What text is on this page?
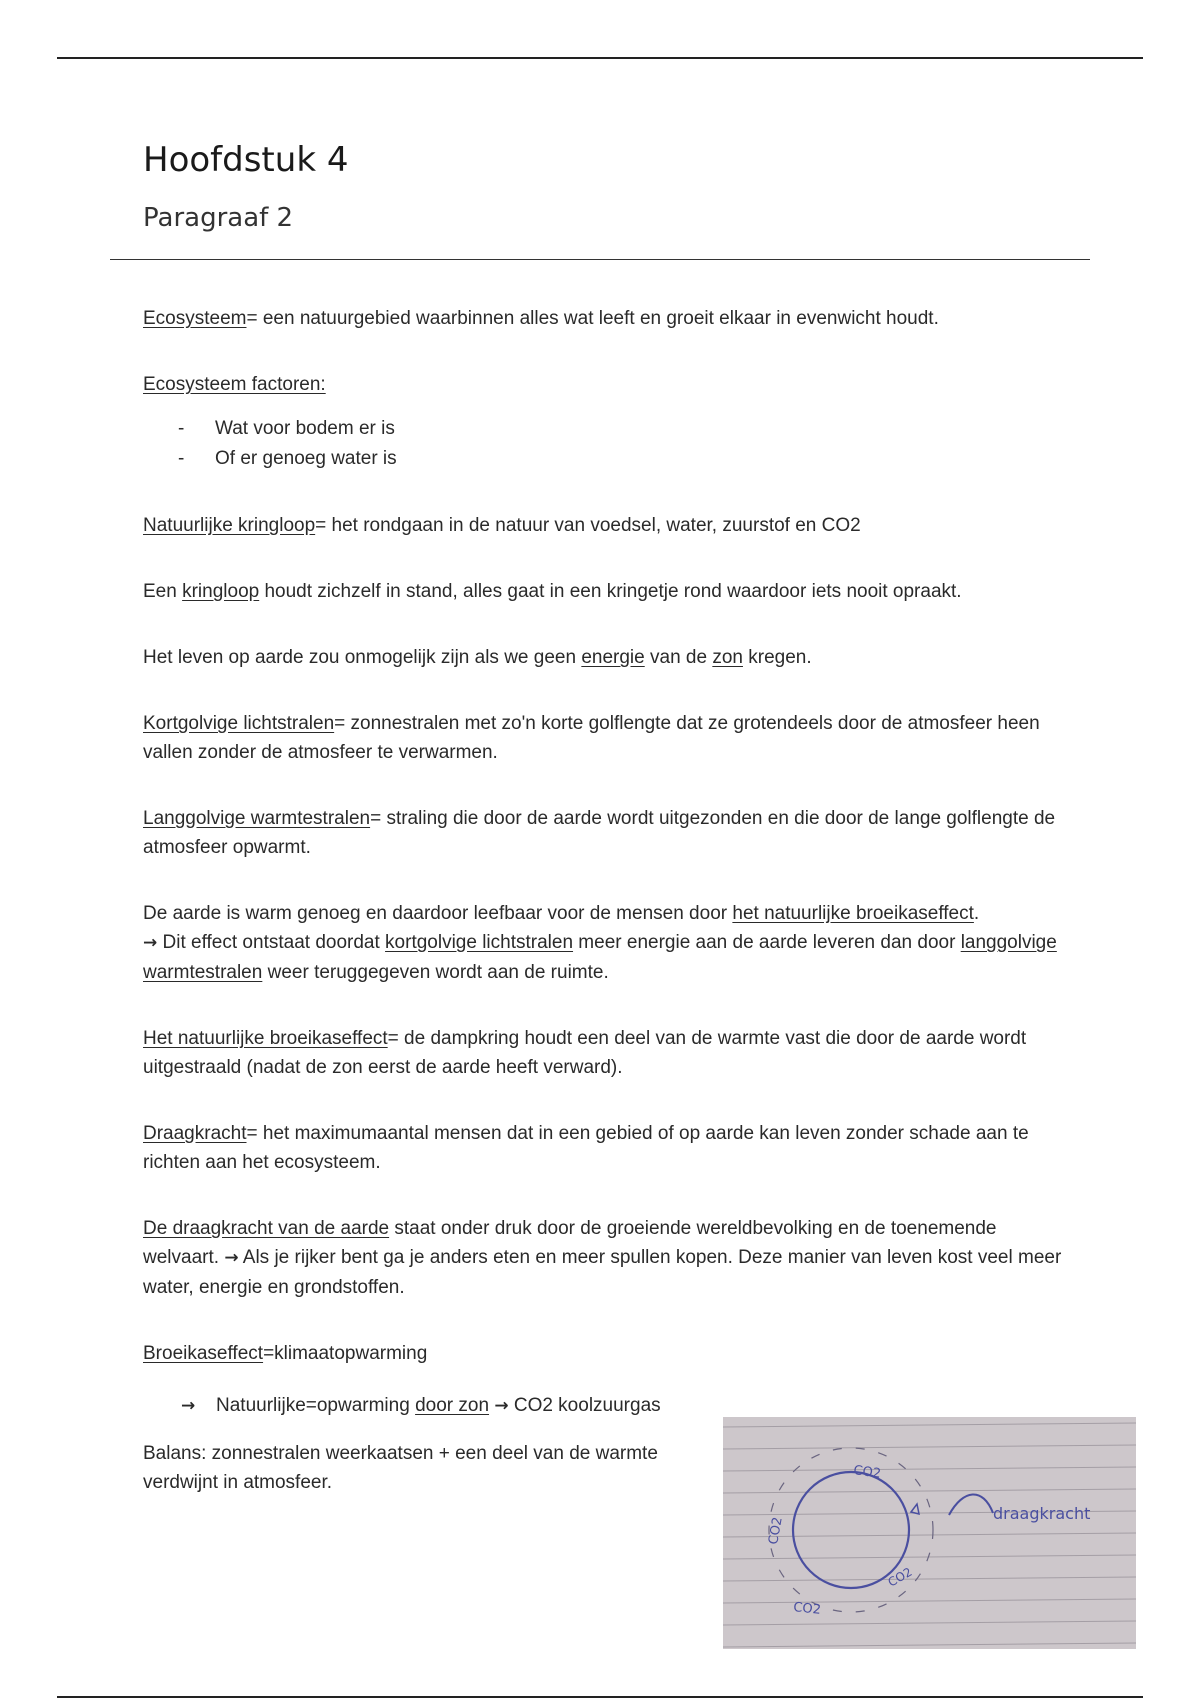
Hoofdstuk 4
Paragraaf 2

Ecosysteem= een natuurgebied waarbinnen alles wat leeft en groeit elkaar in evenwicht houdt.

Ecosysteem factoren:

- Wat voor bodem er is
- Of er genoeg water is

Natuurlijke kringloop= het rondgaan in de natuur van voedsel, water, zuurstof en CO2

Een kringloop houdt zichzelf in stand, alles gaat in een kringetje rond waardoor iets nooit opraakt.

Het leven op aarde zou onmogelijk zijn als we geen energie van de zon kregen.

Kortgolvige lichtstralen= zonnestralen met zo'n korte golflengte dat ze grotendeels door de atmosfeer heen vallen zonder de atmosfeer te verwarmen.

Langgolvige warmtestralen= straling die door de aarde wordt uitgezonden en die door de lange golflengte de atmosfeer opwarmt.

De aarde is warm genoeg en daardoor leefbaar voor de mensen door het natuurlijke broeikaseffect.
→ Dit effect ontstaat doordat kortgolvige lichtstralen meer energie aan de aarde leveren dan door langgolvige warmtestralen weer teruggegeven wordt aan de ruimte.

Het natuurlijke broeikaseffect= de dampkring houdt een deel van de warmte vast die door de aarde wordt uitgestraald (nadat de zon eerst de aarde heeft verward).

Draagkracht= het maximumaantal mensen dat in een gebied of op aarde kan leven zonder schade aan te richten aan het ecosysteem.

De draagkracht van de aarde staat onder druk door de groeiende wereldbevolking en de toenemende welvaart. → Als je rijker bent ga je anders eten en meer spullen kopen. Deze manier van leven kost veel meer water, energie en grondstoffen.

Broeikaseffect=klimaatopwarming

→ Natuurlijke=opwarming door zon → CO2 koolzuurgas

Balans: zonnestralen weerkaatsen + een deel van de warmte verdwijnt in atmosfeer.	CO2
CO2
CO2
CO2
draagkracht
